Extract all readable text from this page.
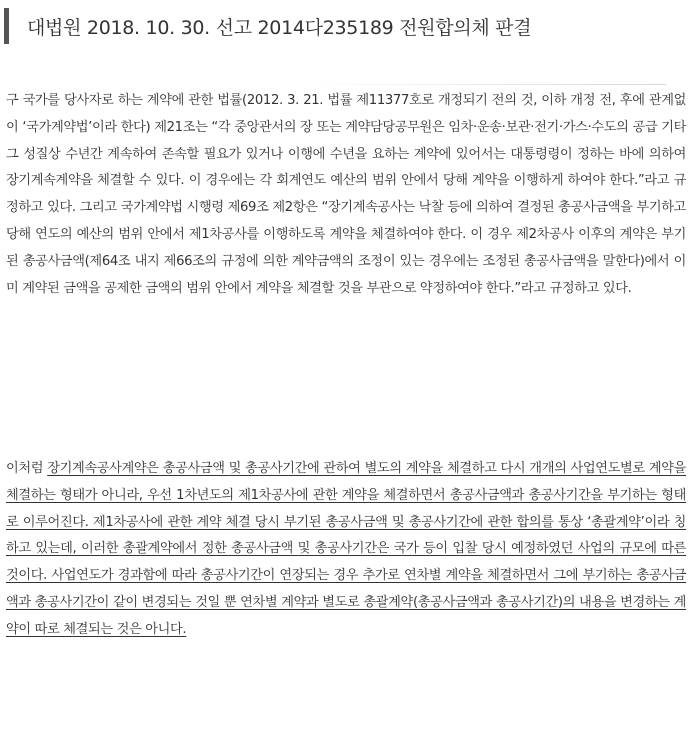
대법원 2018. 10. 30. 선고 2014다235189 전원합의체 판결

구 국가를 당사자로 하는 계약에 관한 법률(2012. 3. 21. 법률 제11377호로 개정되기 전의 것, 이하 개정 전, 후에 관계없이 ‘국가계약법’이라 한다) 제21조는 “각 중앙관서의 장 또는 계약담당공무원은 임차·운송·보관·전기·가스·수도의 공급 기타 그 성질상 수년간 계속하여 존속할 필요가 있거나 이행에 수년을 요하는 계약에 있어서는 대통령령이 정하는 바에 의하여 장기계속계약을 체결할 수 있다. 이 경우에는 각 회계연도 예산의 범위 안에서 당해 계약을 이행하게 하여야 한다.”라고 규정하고 있다. 그리고 국가계약법 시행령 제69조 제2항은 “장기계속공사는 낙찰 등에 의하여 결정된 총공사금액을 부기하고 당해 연도의 예산의 범위 안에서 제1차공사를 이행하도록 계약을 체결하여야 한다. 이 경우 제2차공사 이후의 계약은 부기된 총공사금액(제64조 내지 제66조의 규정에 의한 계약금액의 조정이 있는 경우에는 조정된 총공사금액을 말한다)에서 이미 계약된 금액을 공제한 금액의 범위 안에서 계약을 체결할 것을 부관으로 약정하여야 한다.”라고 규정하고 있다.

이처럼 장기계속공사계약은 총공사금액 및 총공사기간에 관하여 별도의 계약을 체결하고 다시 개개의 사업연도별로 계약을 체결하는 형태가 아니라, 우선 1차년도의 제1차공사에 관한 계약을 체결하면서 총공사금액과 총공사기간을 부기하는 형태로 이루어진다. 제1차공사에 관한 계약 체결 당시 부기된 총공사금액 및 총공사기간에 관한 합의를 통상 ‘총괄계약’이라 칭하고 있는데, 이러한 총괄계약에서 정한 총공사금액 및 총공사기간은 국가 등이 입찰 당시 예정하였던 사업의 규모에 따른 것이다. 사업연도가 경과함에 따라 총공사기간이 연장되는 경우 추가로 연차별 계약을 체결하면서 그에 부기하는 총공사금액과 총공사기간이 같이 변경되는 것일 뿐 연차별 계약과 별도로 총괄계약(총공사금액과 총공사기간)의 내용을 변경하는 계약이 따로 체결되는 것은 아니다.
